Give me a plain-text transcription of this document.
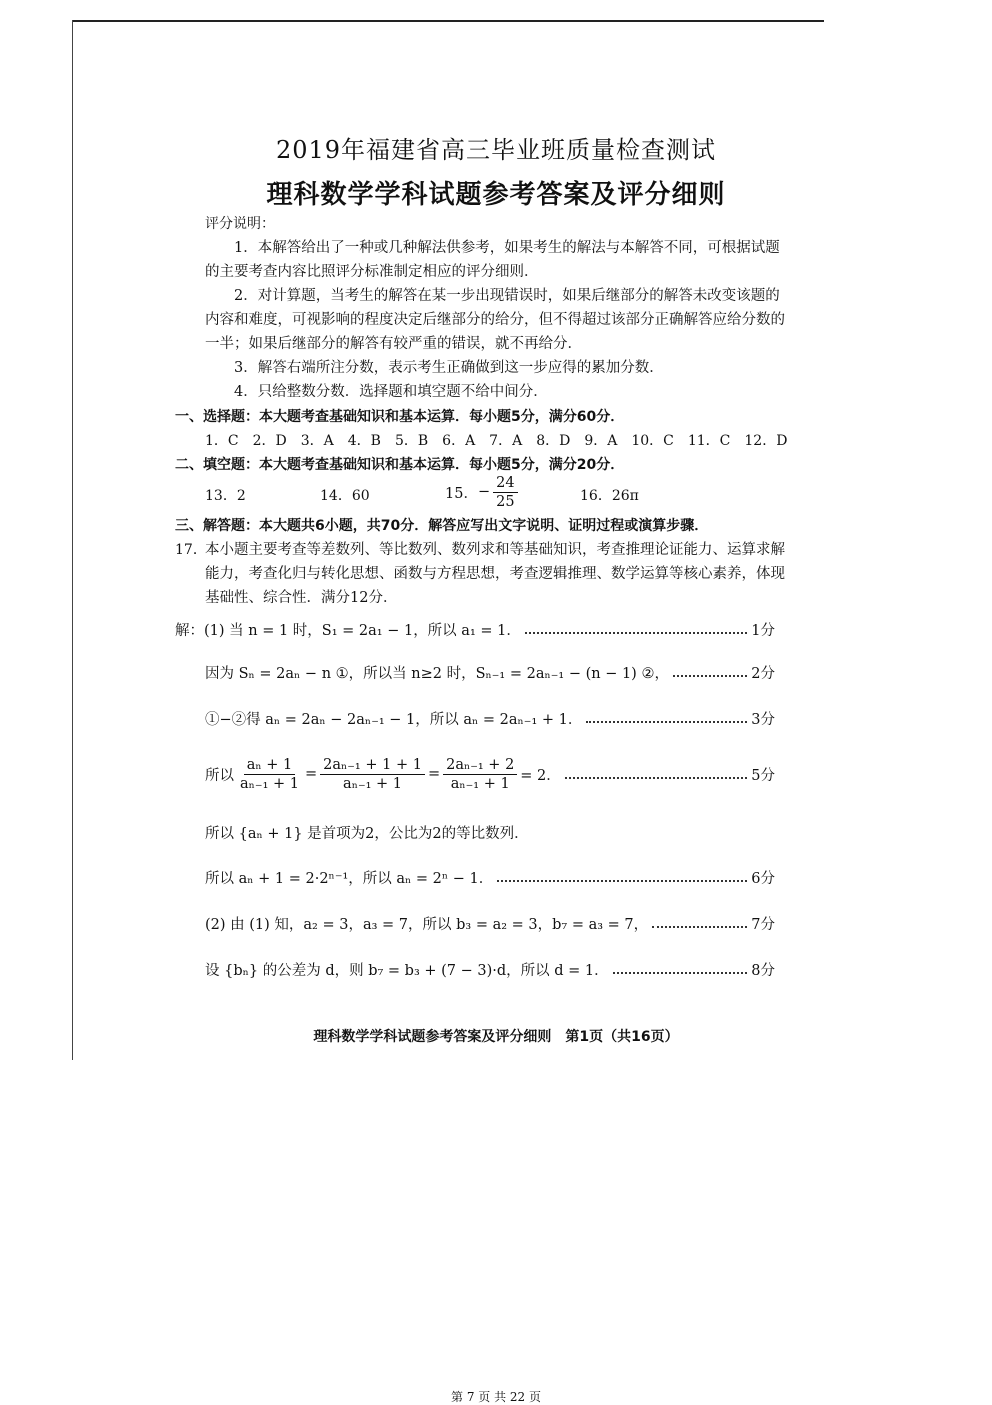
2019年福建省高三毕业班质量检查测试
理科数学学科试题参考答案及评分细则
评分说明：
1．本解答给出了一种或几种解法供参考，如果考生的解法与本解答不同，可根据试题的主要考查内容比照评分标准制定相应的评分细则．
2．对计算题，当考生的解答在某一步出现错误时，如果后继部分的解答未改变该题的内容和难度，可视影响的程度决定后继部分的给分，但不得超过该部分正确解答应给分数的一半；如果后继部分的解答有较严重的错误，就不再给分．
3．解答右端所注分数，表示考生正确做到这一步应得的累加分数．
4．只给整数分数．选择题和填空题不给中间分．
一、选择题：本大题考查基础知识和基本运算．每小题5分，满分60分．
1．C　2．D　3．A　4．B　5．B　6．A　7．A　8．D　9．A　10．C　11．C　12．D
二、填空题：本大题考查基础知识和基本运算．每小题5分，满分20分．
13．2	14．60	15． − $\frac{24}{25}$	16．26π
三、解答题：本大题共6小题，共70分．解答应写出文字说明、证明过程或演算步骤．
17．
本小题主要考查等差数列、等比数列、数列求和等基础知识，考查推理论证能力、运算求解能力，考查化归与转化思想、函数与方程思想，考查逻辑推理、数学运算等核心素养，体现基础性、综合性．满分12分．
解：(1) 当 n = 1 时，S₁ = 2a₁ − 1，所以 a₁ = 1．	1分
因为 Sₙ = 2aₙ − n ①，所以当 n≥2 时，Sₙ₋₁ = 2aₙ₋₁ − (n − 1) ②，	2分
①−②得 aₙ = 2aₙ − 2aₙ₋₁ − 1，所以 aₙ = 2aₙ₋₁ + 1．	3分
所以 $\frac{\text{aₙ + 1}}{\text{aₙ₋₁ + 1}} = \frac{\text{2aₙ₋₁ + 1 + 1}}{\text{aₙ₋₁ + 1}} = \frac{\text{2aₙ₋₁ + 2}}{\text{aₙ₋₁ + 1}} = 2$．	5分
所以 {aₙ + 1} 是首项为2，公比为2的等比数列．
所以 aₙ + 1 = 2·2ⁿ⁻¹，所以 aₙ = 2ⁿ − 1．	6分
(2) 由 (1) 知，a₂ = 3，a₃ = 7，所以 b₃ = a₂ = 3，b₇ = a₃ = 7，	7分
设 {bₙ} 的公差为 d，则 b₇ = b₃ + (7 − 3)·d，所以 d = 1．	8分
理科数学学科试题参考答案及评分细则　第1页（共16页）
第 7 页 共 22 页
